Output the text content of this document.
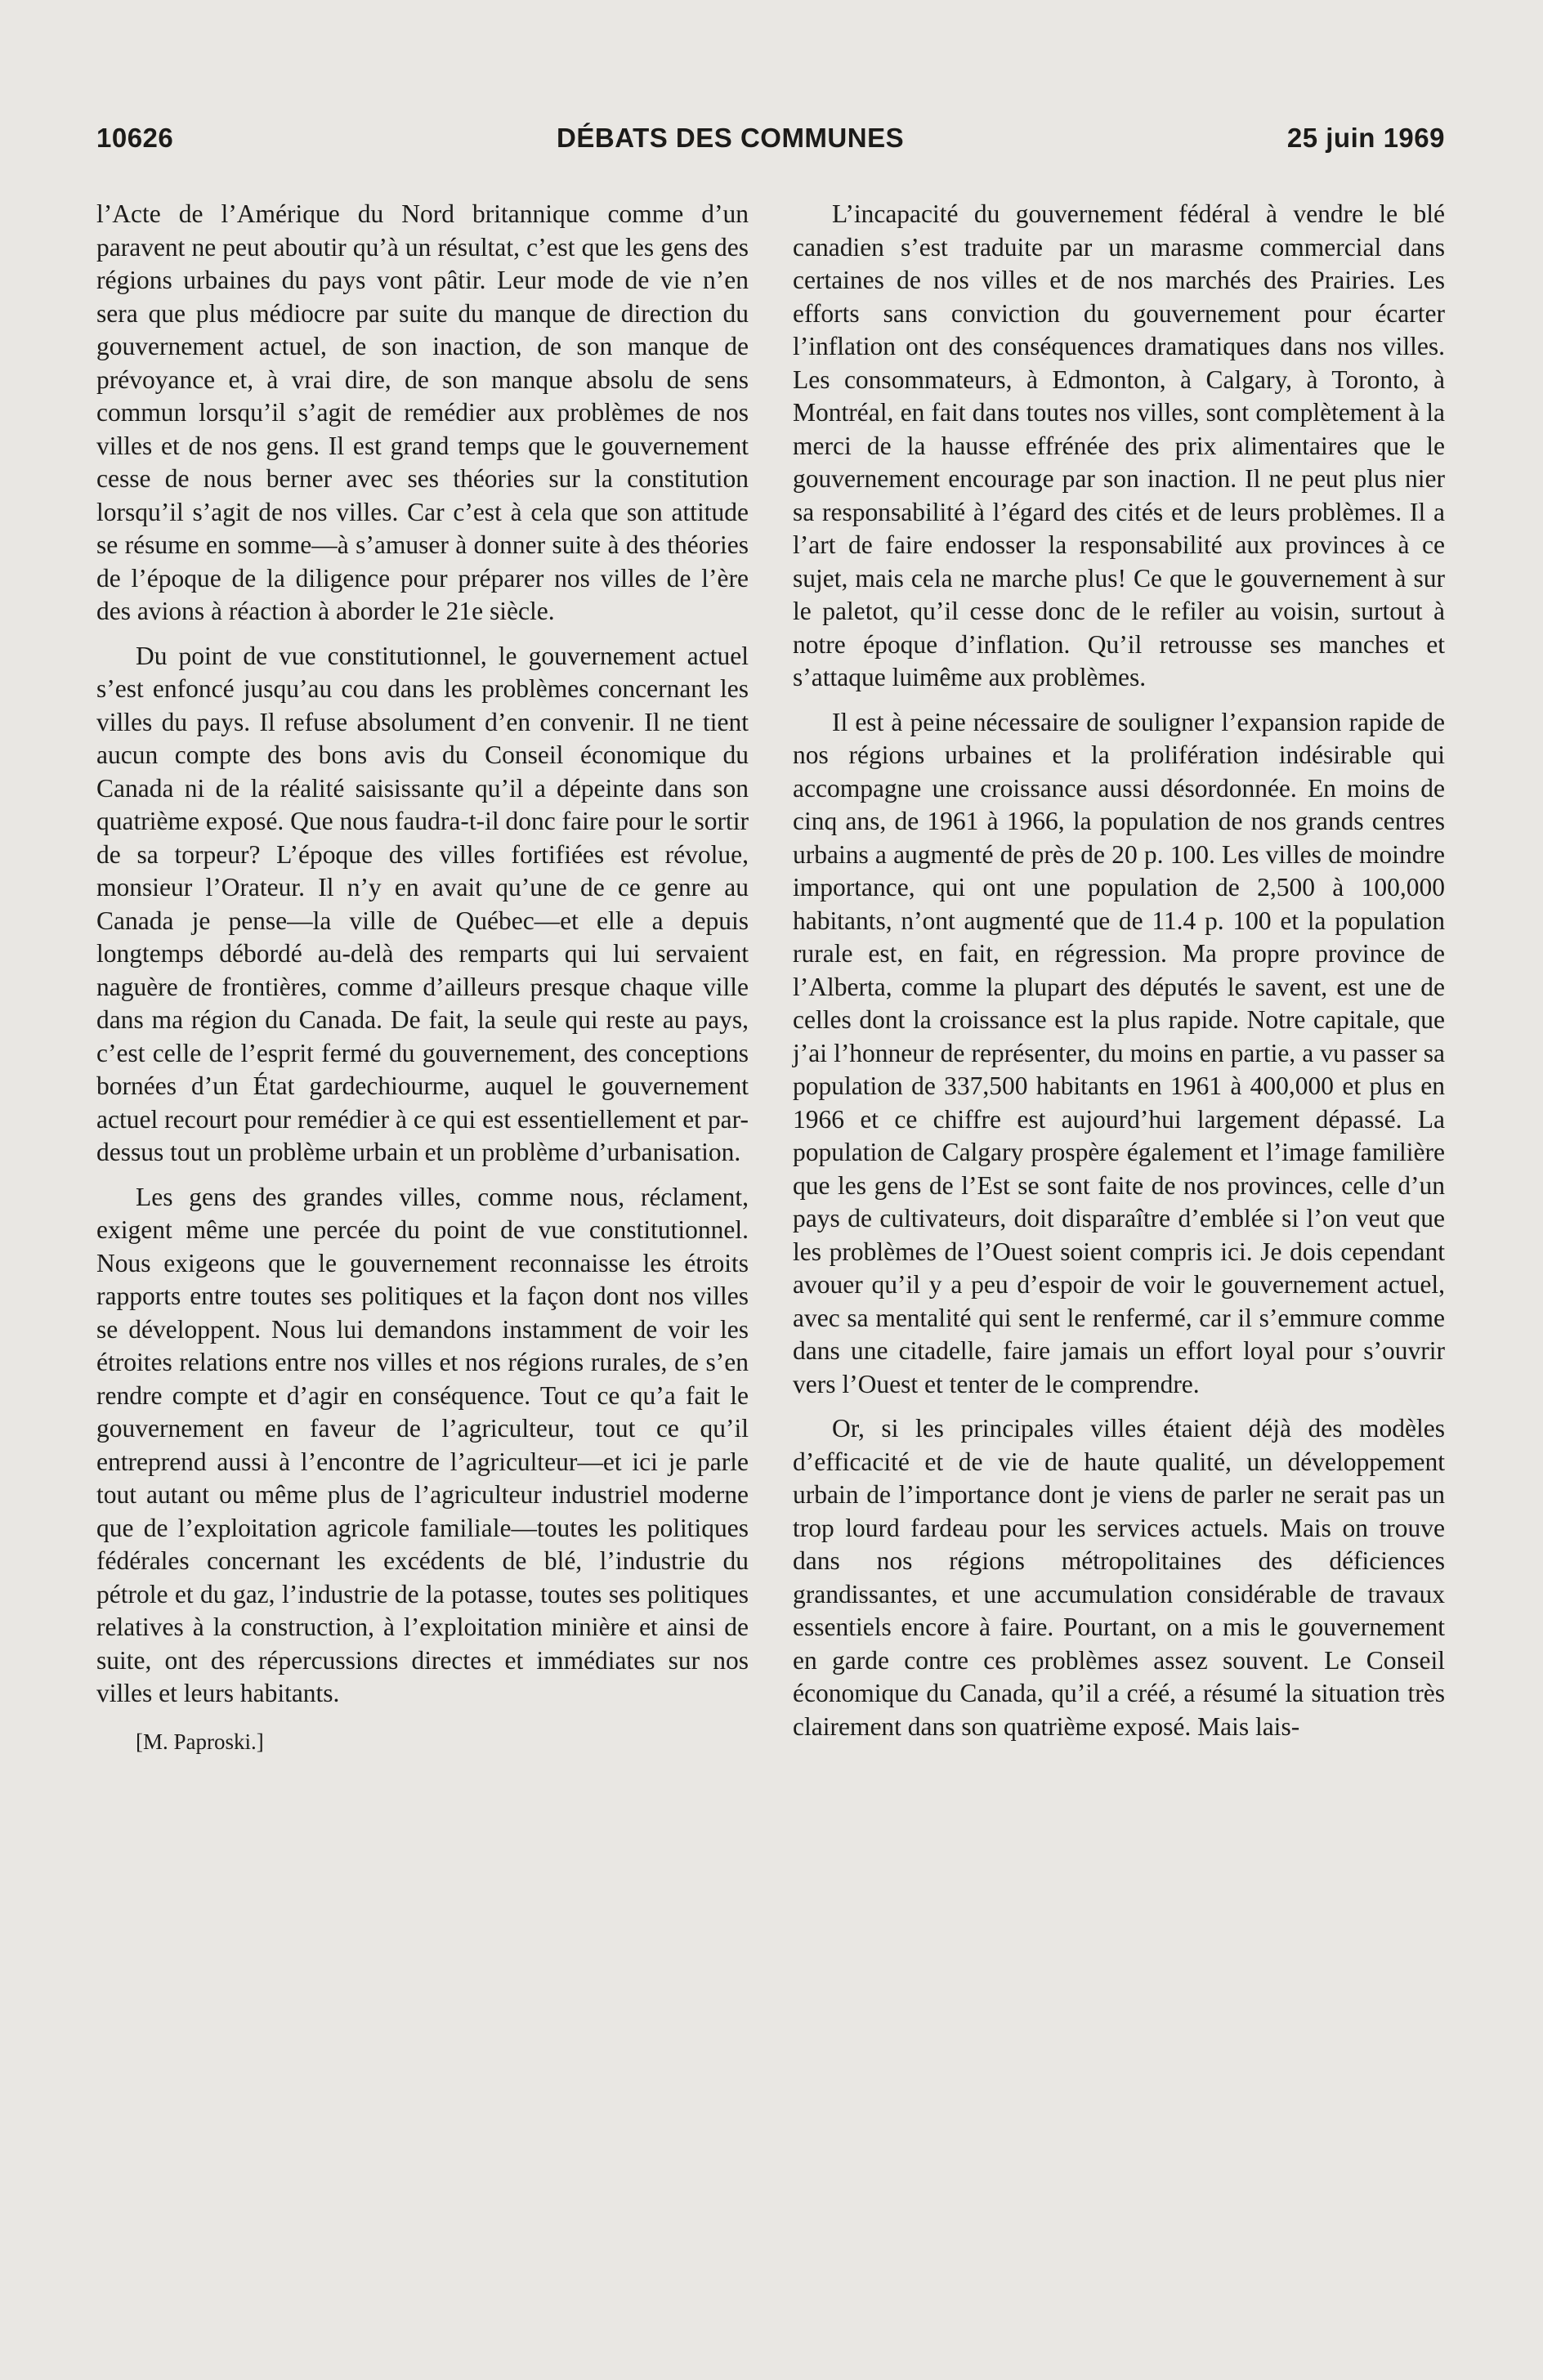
10626	DÉBATS DES COMMUNES	25 juin 1969

l’Acte de l’Amérique du Nord britannique comme d’un paravent ne peut aboutir qu’à un résultat, c’est que les gens des régions urbaines du pays vont pâtir. Leur mode de vie n’en sera que plus médiocre par suite du manque de direction du gouvernement actuel, de son inaction, de son manque de prévoyance et, à vrai dire, de son manque absolu de sens commun lorsqu’il s’agit de remédier aux problèmes de nos villes et de nos gens. Il est grand temps que le gouvernement cesse de nous berner avec ses théories sur la constitution lorsqu’il s’agit de nos villes. Car c’est à cela que son attitude se résume en somme—à s’amuser à donner suite à des théories de l’époque de la diligence pour préparer nos villes de l’ère des avions à réaction à aborder le 21e siècle.

Du point de vue constitutionnel, le gouvernement actuel s’est enfoncé jusqu’au cou dans les problèmes concernant les villes du pays. Il refuse absolument d’en convenir. Il ne tient aucun compte des bons avis du Conseil économique du Canada ni de la réalité saisissante qu’il a dépeinte dans son quatrième exposé. Que nous faudra-t-il donc faire pour le sortir de sa torpeur? L’époque des villes fortifiées est révolue, monsieur l’Orateur. Il n’y en avait qu’une de ce genre au Canada je pense—la ville de Québec—et elle a depuis longtemps débordé au-delà des remparts qui lui servaient naguère de frontières, comme d’ailleurs presque chaque ville dans ma région du Canada. De fait, la seule qui reste au pays, c’est celle de l’esprit fermé du gouvernement, des conceptions bornées d’un État gardechiourme, auquel le gouvernement actuel recourt pour remédier à ce qui est essentiellement et par-dessus tout un problème urbain et un problème d’urbanisation.

Les gens des grandes villes, comme nous, réclament, exigent même une percée du point de vue constitutionnel. Nous exigeons que le gouvernement reconnaisse les étroits rapports entre toutes ses politiques et la façon dont nos villes se développent. Nous lui demandons instamment de voir les étroites relations entre nos villes et nos régions rurales, de s’en rendre compte et d’agir en conséquence. Tout ce qu’a fait le gouvernement en faveur de l’agriculteur, tout ce qu’il entreprend aussi à l’encontre de l’agriculteur—et ici je parle tout autant ou même plus de l’agriculteur industriel moderne que de l’exploitation agricole familiale—toutes les politiques fédérales concernant les excédents de blé, l’industrie du pétrole et du gaz, l’industrie de la potasse, toutes ses politiques relatives à la construction, à l’exploitation minière et ainsi de suite, ont des répercussions directes et immédiates sur nos villes et leurs habitants.

[M. Paproski.]

L’incapacité du gouvernement fédéral à vendre le blé canadien s’est traduite par un marasme commercial dans certaines de nos villes et de nos marchés des Prairies. Les efforts sans conviction du gouvernement pour écarter l’inflation ont des conséquences dramatiques dans nos villes. Les consommateurs, à Edmonton, à Calgary, à Toronto, à Montréal, en fait dans toutes nos villes, sont complètement à la merci de la hausse effrénée des prix alimentaires que le gouvernement encourage par son inaction. Il ne peut plus nier sa responsabilité à l’égard des cités et de leurs problèmes. Il a l’art de faire endosser la responsabilité aux provinces à ce sujet, mais cela ne marche plus! Ce que le gouvernement à sur le paletot, qu’il cesse donc de le refiler au voisin, surtout à notre époque d’inflation. Qu’il retrousse ses manches et s’attaque luimême aux problèmes.

Il est à peine nécessaire de souligner l’expansion rapide de nos régions urbaines et la prolifération indésirable qui accompagne une croissance aussi désordonnée. En moins de cinq ans, de 1961 à 1966, la population de nos grands centres urbains a augmenté de près de 20 p. 100. Les villes de moindre importance, qui ont une population de 2,500 à 100,000 habitants, n’ont augmenté que de 11.4 p. 100 et la population rurale est, en fait, en régression. Ma propre province de l’Alberta, comme la plupart des députés le savent, est une de celles dont la croissance est la plus rapide. Notre capitale, que j’ai l’honneur de représenter, du moins en partie, a vu passer sa population de 337,500 habitants en 1961 à 400,000 et plus en 1966 et ce chiffre est aujourd’hui largement dépassé. La population de Calgary prospère également et l’image familière que les gens de l’Est se sont faite de nos provinces, celle d’un pays de cultivateurs, doit disparaître d’emblée si l’on veut que les problèmes de l’Ouest soient compris ici. Je dois cependant avouer qu’il y a peu d’espoir de voir le gouvernement actuel, avec sa mentalité qui sent le renfermé, car il s’emmure comme dans une citadelle, faire jamais un effort loyal pour s’ouvrir vers l’Ouest et tenter de le comprendre.

Or, si les principales villes étaient déjà des modèles d’efficacité et de vie de haute qualité, un développement urbain de l’importance dont je viens de parler ne serait pas un trop lourd fardeau pour les services actuels. Mais on trouve dans nos régions métropolitaines des déficiences grandissantes, et une accumulation considérable de travaux essentiels encore à faire. Pourtant, on a mis le gouvernement en garde contre ces problèmes assez souvent. Le Conseil économique du Canada, qu’il a créé, a résumé la situation très clairement dans son quatrième exposé. Mais lais-
